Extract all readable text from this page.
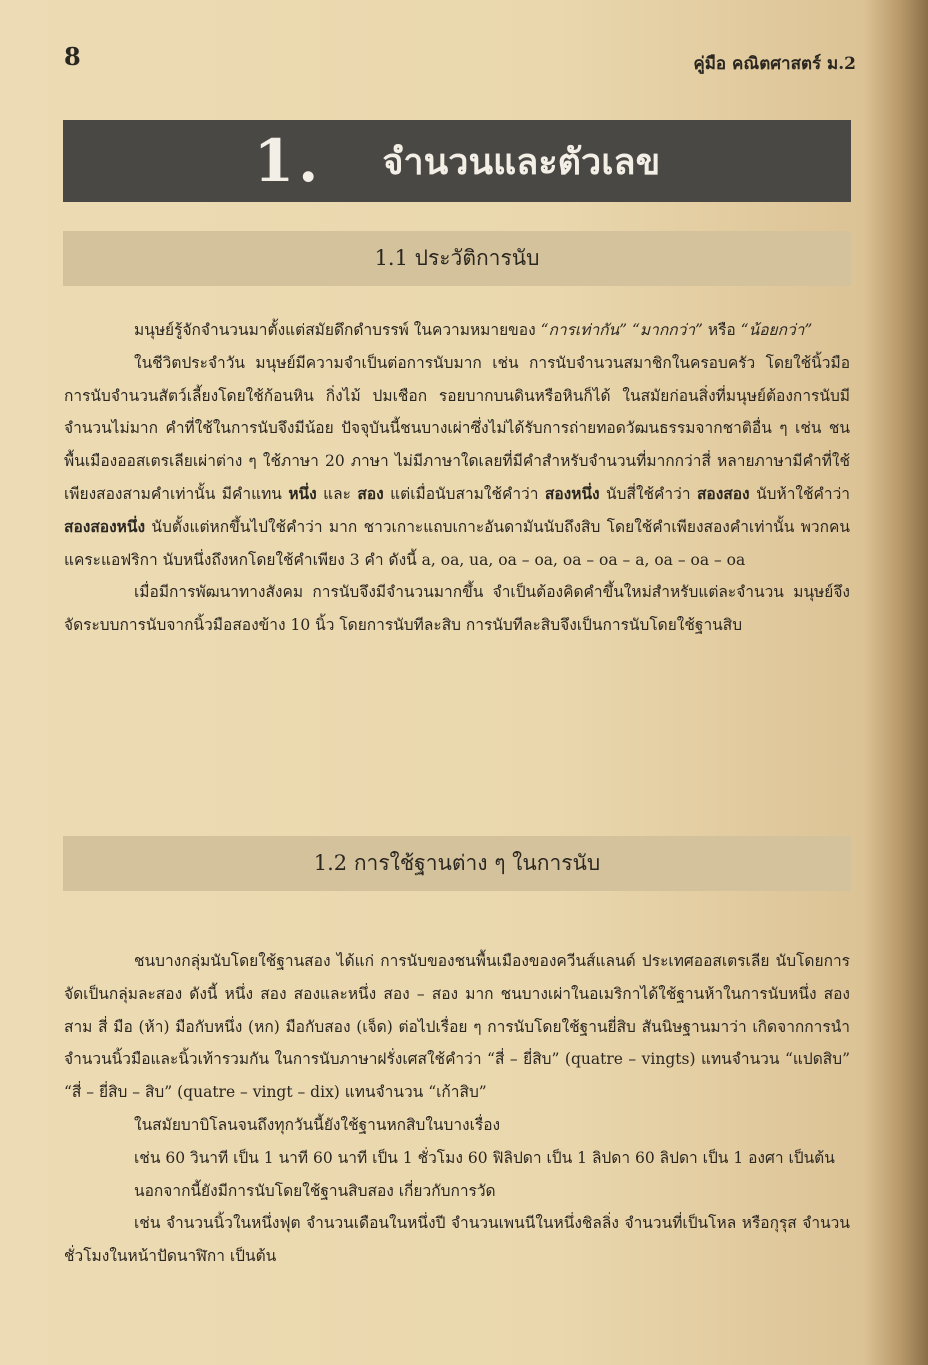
8	คู่มือ คณิตศาสตร์ ม.2
1. จำนวนและตัวเลข
1.1 ประวัติการนับ

มนุษย์รู้จักจำนวนมาตั้งแต่สมัยดึกดำบรรพ์ ในความหมายของ “การเท่ากัน” “มากกว่า” หรือ “น้อยกว่า”

ในชีวิตประจำวัน มนุษย์มีความจำเป็นต่อการนับมาก เช่น การนับจำนวนสมาชิกในครอบครัว โดยใช้นิ้วมือ การนับจำนวนสัตว์เลี้ยงโดยใช้ก้อนหิน กิ่งไม้ ปมเชือก รอยบากบนดินหรือหินก็ได้ ในสมัยก่อนสิ่งที่มนุษย์ต้องการนับมีจำนวนไม่มาก คำที่ใช้ในการนับจึงมีน้อย ปัจจุบันนี้ชนบางเผ่าซึ่งไม่ได้รับการถ่ายทอดวัฒนธรรมจากชาติอื่น ๆ เช่น ชนพื้นเมืองออสเตรเลียเผ่าต่าง ๆ ใช้ภาษา 20 ภาษา ไม่มีภาษาใดเลยที่มีคำสำหรับจำนวนที่มากกว่าสี่ หลายภาษามีคำที่ใช้เพียงสองสามคำเท่านั้น มีคำแทน หนึ่ง และ สอง แต่เมื่อนับสามใช้คำว่า สองหนึ่ง นับสี่ใช้คำว่า สองสอง นับห้าใช้คำว่า สองสองหนึ่ง นับตั้งแต่หกขึ้นไปใช้คำว่า มาก ชาวเกาะแถบเกาะอันดามันนับถึงสิบ โดยใช้คำเพียงสองคำเท่านั้น พวกคนแคระแอฟริกา นับหนึ่งถึงหกโดยใช้คำเพียง 3 คำ ดังนี้ a, oa, ua, oa – oa, oa – oa – a, oa – oa – oa

เมื่อมีการพัฒนาทางสังคม การนับจึงมีจำนวนมากขึ้น จำเป็นต้องคิดคำขึ้นใหม่สำหรับแต่ละจำนวน มนุษย์จึงจัดระบบการนับจากนิ้วมือสองข้าง 10 นิ้ว โดยการนับทีละสิบ การนับทีละสิบจึงเป็นการนับโดยใช้ฐานสิบ

1.2 การใช้ฐานต่าง ๆ ในการนับ

ชนบางกลุ่มนับโดยใช้ฐานสอง ได้แก่ การนับของชนพื้นเมืองของควีนส์แลนด์ ประเทศออสเตรเลีย นับโดยการจัดเป็นกลุ่มละสอง ดังนี้ หนึ่ง สอง สองและหนึ่ง สอง – สอง มาก ชนบางเผ่าในอเมริกาได้ใช้ฐานห้าในการนับหนึ่ง สอง สาม สี่ มือ (ห้า) มือกับหนึ่ง (หก) มือกับสอง (เจ็ด) ต่อไปเรื่อย ๆ การนับโดยใช้ฐานยี่สิบ สันนิษฐานมาว่า เกิดจากการนำจำนวนนิ้วมือและนิ้วเท้ารวมกัน ในการนับภาษาฝรั่งเศสใช้คำว่า “สี่ – ยี่สิบ” (quatre – vingts) แทนจำนวน “แปดสิบ” “สี่ – ยี่สิบ – สิบ” (quatre – vingt – dix) แทนจำนวน “เก้าสิบ”

ในสมัยบาบิโลนจนถึงทุกวันนี้ยังใช้ฐานหกสิบในบางเรื่อง

เช่น 60 วินาที เป็น 1 นาที 60 นาที เป็น 1 ชั่วโมง 60 ฟิลิปดา เป็น 1 ลิปดา 60 ลิปดา เป็น 1 องศา เป็นต้น

นอกจากนี้ยังมีการนับโดยใช้ฐานสิบสอง เกี่ยวกับการวัด

เช่น จำนวนนิ้วในหนึ่งฟุต จำนวนเดือนในหนึ่งปี จำนวนเพนนีในหนึ่งชิลลิ่ง จำนวนที่เป็นโหล หรือกุรุส จำนวนชั่วโมงในหน้าปัดนาฬิกา เป็นต้น
